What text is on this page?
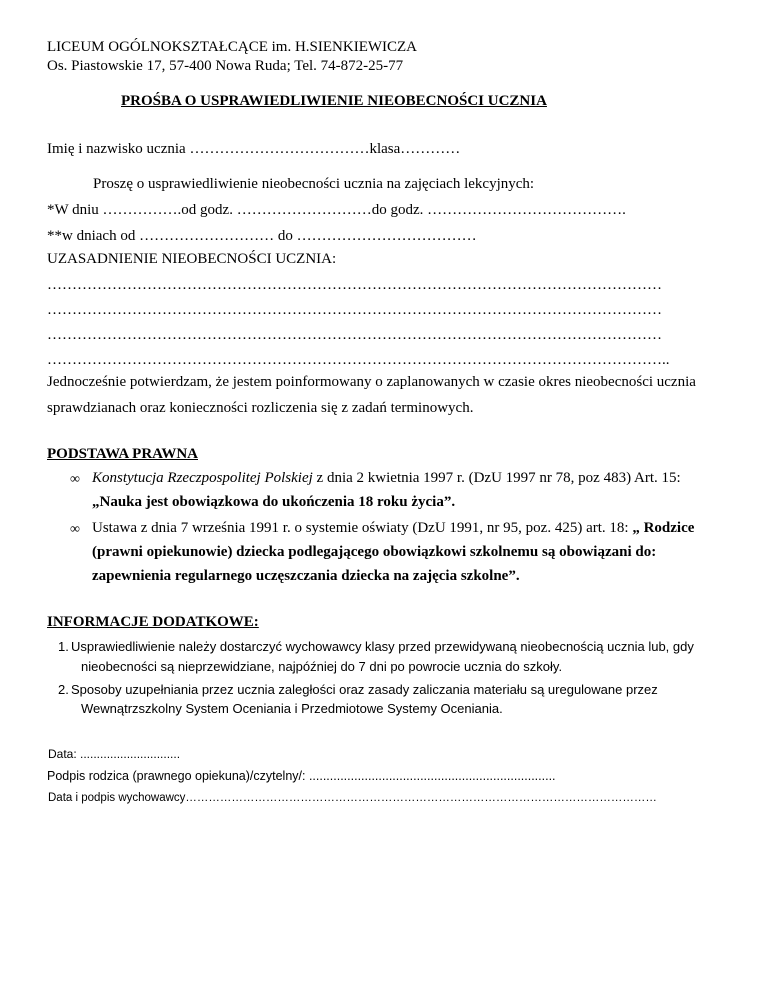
LICEUM OGÓLNOKSZTAŁCĄCE im. H.SIENKIEWICZA
Os. Piastowskie 17, 57-400 Nowa Ruda; Tel. 74-872-25-77
PROŚBA O USPRAWIEDLIWIENIE NIEOBECNOŚCI UCZNIA
Imię i nazwisko ucznia ………………………………klasa…………
Proszę o usprawiedliwienie nieobecności ucznia na zajęciach lekcyjnych:
*W dniu …………….od godz. ………………………do godz. ………………………………….
**w dniach od ……………………… do ………………………………
UZASADNIENIE NIEOBECNOŚCI UCZNIA:
……………………………………………………………………………………………………………
……………………………………………………………………………………………………………
……………………………………………………………………………………………………………
……………………………………………………………………………………………………………..
Jednocześnie potwierdzam, że jestem poinformowany o zaplanowanych w czasie okres nieobecności ucznia
sprawdzianach oraz konieczności rozliczenia się z zadań terminowych.
PODSTAWA PRAWNA
∞ Konstytucja Rzeczpospolitej Polskiej z dnia 2 kwietnia 1997 r. (DzU 1997 nr 78, poz 483) Art. 15:
„Nauka jest obowiązkowa do ukończenia 18 roku życia”.
∞ Ustawa z dnia 7 września 1991 r. o systemie oświaty (DzU 1991, nr 95, poz. 425) art. 18: „ Rodzice
(prawni opiekunowie) dziecka podlegającego obowiązkowi szkolnemu są obowiązani do:
zapewnienia regularnego uczęszczania dziecka na zajęcia szkolne”.
INFORMACJE DODATKOWE:
1. Usprawiedliwienie należy dostarczyć wychowawcy klasy przed przewidywaną nieobecnością ucznia lub, gdy
nieobecności są nieprzewidziane, najpóźniej do 7 dni po powrocie ucznia do szkoły.
2. Sposoby uzupełniania przez ucznia zaległości oraz zasady zaliczania materiału są uregulowane przez
Wewnątrzszkolny System Oceniania i Przedmiotowe Systemy Oceniania.
Data: ..............................
Podpis rodzica (prawnego opiekuna)/czytelny/: .......................................................................
Data i podpis wychowawcy……………………………………………………………………………………………………………
